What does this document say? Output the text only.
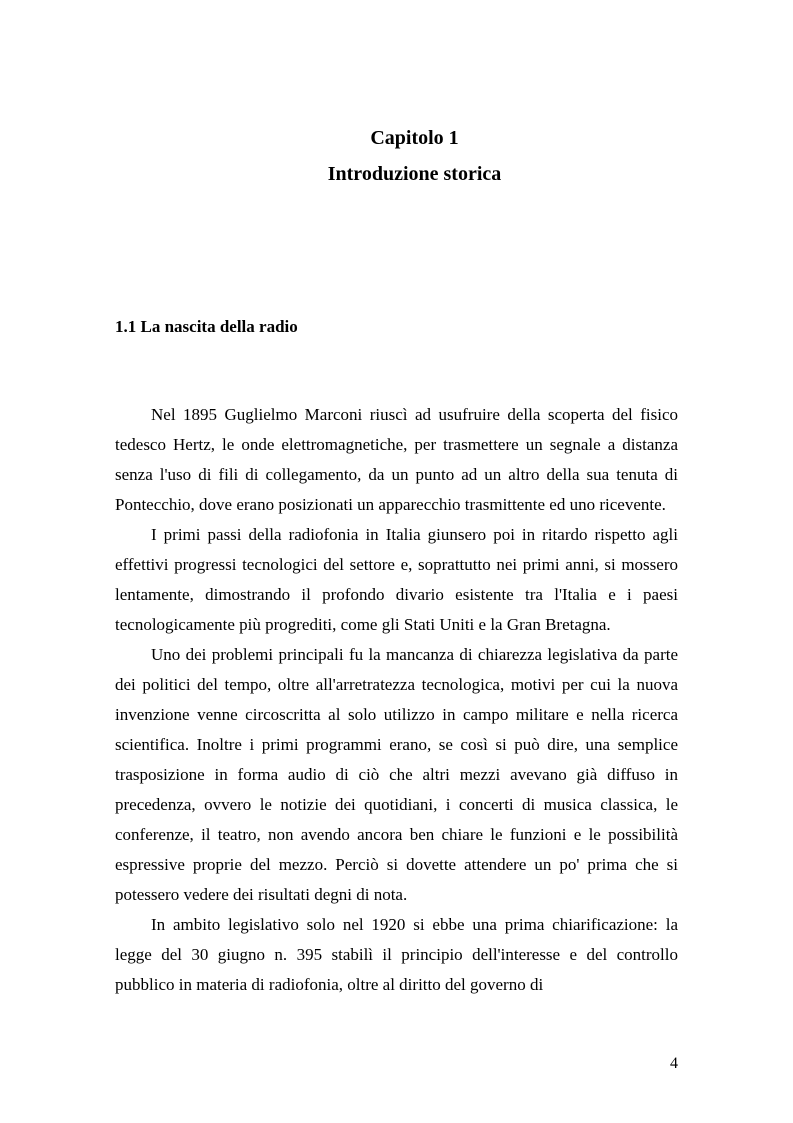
Capitolo 1
Introduzione storica
1.1 La nascita della radio

Nel 1895 Guglielmo Marconi riuscì ad usufruire della scoperta del fisico tedesco Hertz, le onde elettromagnetiche, per trasmettere un segnale a distanza senza l'uso di fili di collegamento, da un punto ad un altro della sua tenuta di Pontecchio, dove erano posizionati un apparecchio trasmittente ed uno ricevente.

I primi passi della radiofonia in Italia giunsero poi in ritardo rispetto agli effettivi progressi tecnologici del settore e, soprattutto nei primi anni, si mossero lentamente, dimostrando il profondo divario esistente tra l'Italia e i paesi tecnologicamente più progrediti, come gli Stati Uniti e la Gran Bretagna.

Uno dei problemi principali fu la mancanza di chiarezza legislativa da parte dei politici del tempo, oltre all'arretratezza tecnologica, motivi per cui la nuova invenzione venne circoscritta al solo utilizzo in campo militare e nella ricerca scientifica. Inoltre i primi programmi erano, se così si può dire, una semplice trasposizione in forma audio di ciò che altri mezzi avevano già diffuso in precedenza, ovvero le notizie dei quotidiani, i concerti di musica classica, le conferenze, il teatro, non avendo ancora ben chiare le funzioni e le possibilità espressive proprie del mezzo. Perciò si dovette attendere un po' prima che si potessero vedere dei risultati degni di nota.

In ambito legislativo solo nel 1920 si ebbe una prima chiarificazione: la legge del 30 giugno n. 395 stabilì il principio dell'interesse e del controllo pubblico in materia di radiofonia, oltre al diritto del governo di

4
